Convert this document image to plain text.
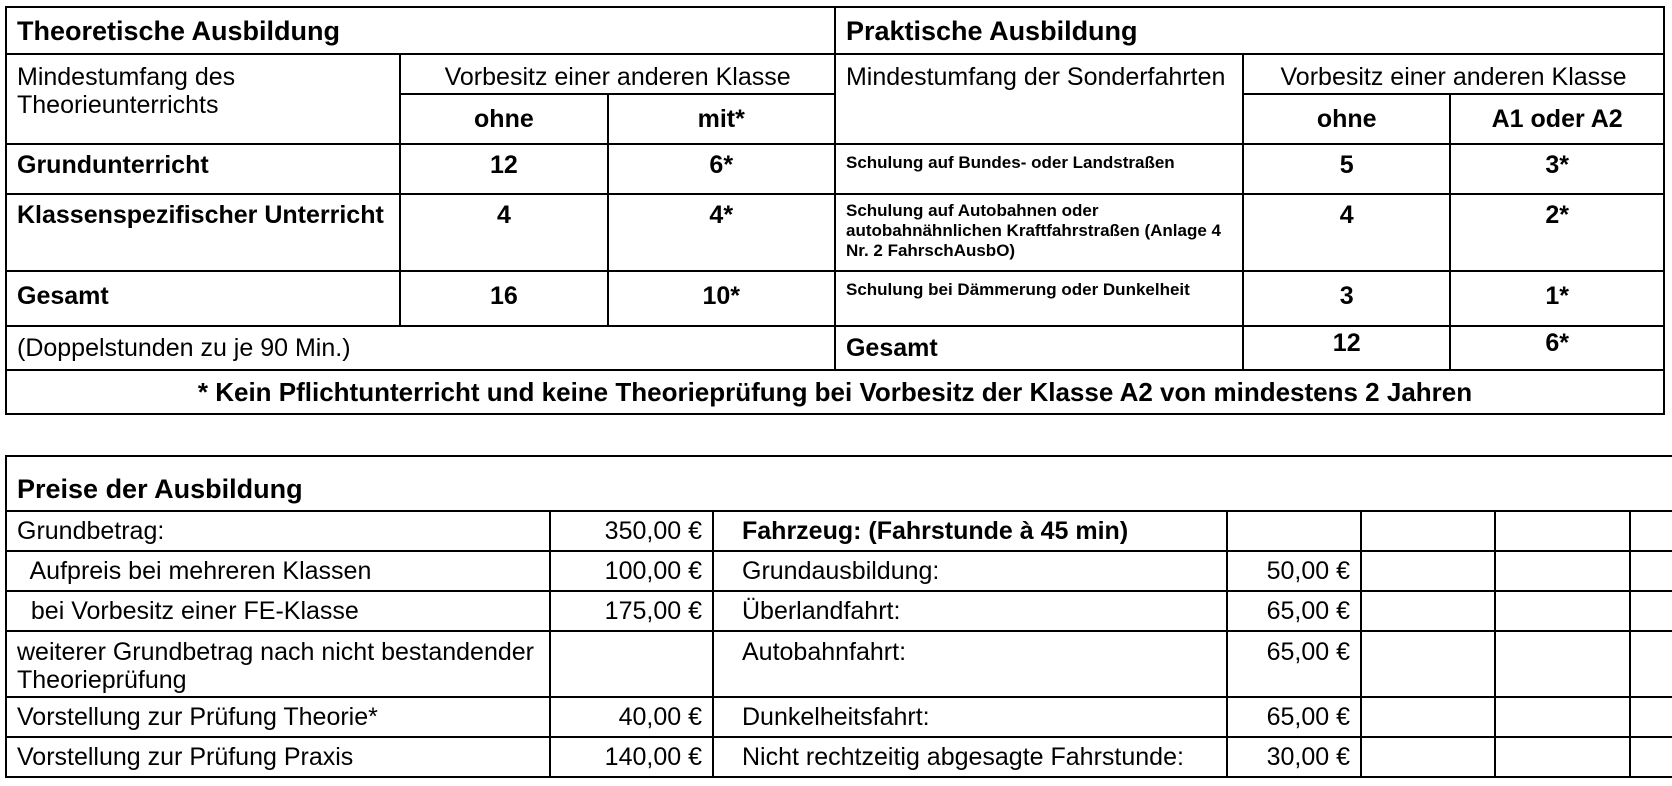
Theoretische Ausbildung			Praktische Ausbildung		
Mindestumfang des Theorieunterrichts	Vorbesitz einer anderen Klasse		Mindestumfang der Sonderfahrten	Vorbesitz einer anderen Klasse	
	ohne	mit*		ohne	A1 oder A2
Grundunterricht	12	6*	Schulung auf Bundes- oder Landstraßen	5	3*
Klassenspezifischer Unterricht	4	4*	Schulung auf Autobahnen oder autobahnähnlichen Kraftfahrstraßen (Anlage 4 Nr. 2 FahrschAusbO)	4	2*
Gesamt	16	10*	Schulung bei Dämmerung oder Dunkelheit	3	1*
(Doppelstunden zu je 90 Min.)			Gesamt	12	6*
* Kein Pflichtunterricht und keine Theorieprüfung bei Vorbesitz der Klasse A2 von mindestens 2 Jahren					
Preise der Ausbildung						
Grundbetrag:	350,00 €	Fahrzeug: (Fahrstunde à 45 min)				
Aufpreis bei mehreren Klassen	100,00 €	Grundausbildung:	50,00 €			
bei Vorbesitz einer FE-Klasse	175,00 €	Überlandfahrt:	65,00 €			
weiterer Grundbetrag nach nicht bestandender Theorieprüfung		Autobahnfahrt:	65,00 €			
Vorstellung zur Prüfung Theorie*	40,00 €	Dunkelheitsfahrt:	65,00 €			
Vorstellung zur Prüfung Praxis	140,00 €	Nicht rechtzeitig abgesagte Fahrstunde:	30,00 €			
